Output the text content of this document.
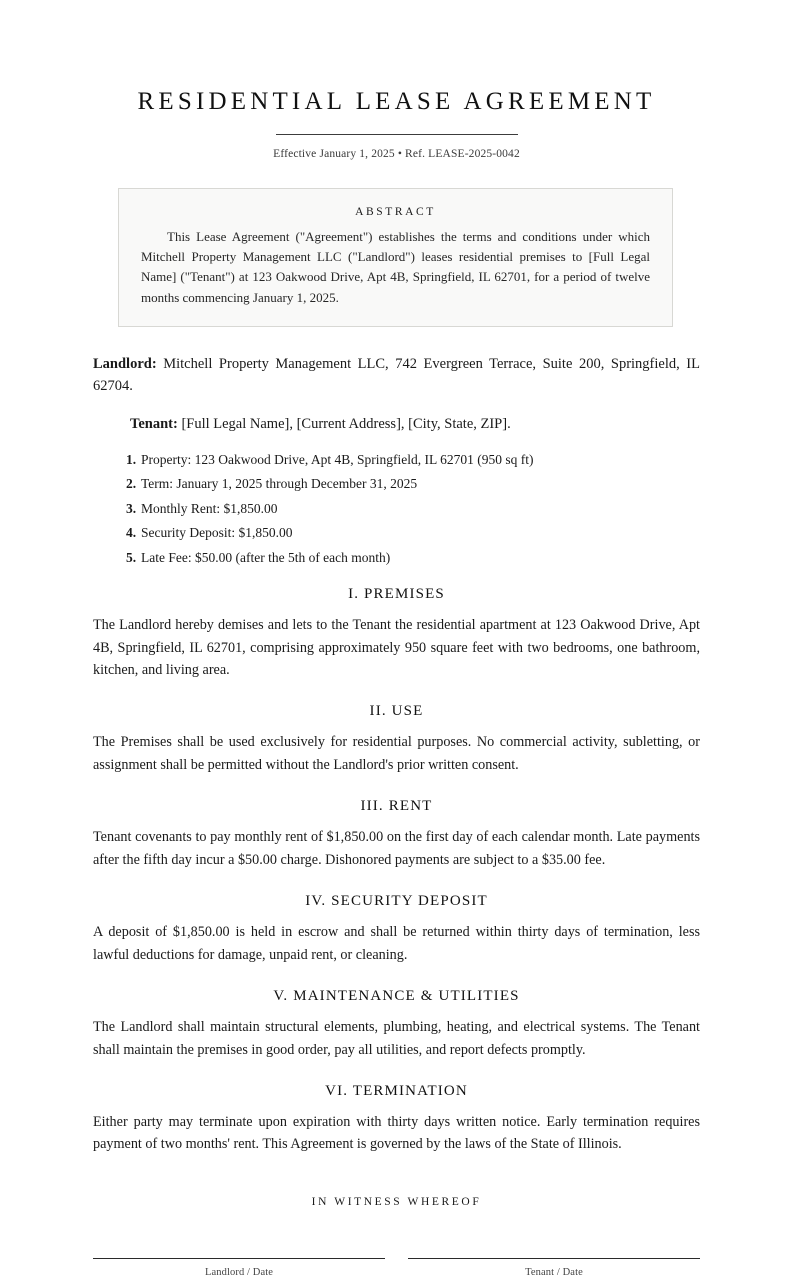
RESIDENTIAL LEASE AGREEMENT
Effective January 1, 2025 • Ref. LEASE-2025-0042
ABSTRACT

This Lease Agreement ("Agreement") establishes the terms and conditions under which Mitchell Property Management LLC ("Landlord") leases residential premises to [Full Legal Name] ("Tenant") at 123 Oakwood Drive, Apt 4B, Springfield, IL 62701, for a period of twelve months commencing January 1, 2025.

Landlord: Mitchell Property Management LLC, 742 Evergreen Terrace, Suite 200, Springfield, IL 62704.

Tenant: [Full Legal Name], [Current Address], [City, State, ZIP].

1. Property: 123 Oakwood Drive, Apt 4B, Springfield, IL 62701 (950 sq ft)
2. Term: January 1, 2025 through December 31, 2025
3. Monthly Rent: $1,850.00
4. Security Deposit: $1,850.00
5. Late Fee: $50.00 (after the 5th of each month)
I. PREMISES

The Landlord hereby demises and lets to the Tenant the residential apartment at 123 Oakwood Drive, Apt 4B, Springfield, IL 62701, comprising approximately 950 square feet with two bedrooms, one bathroom, kitchen, and living area.

II. USE

The Premises shall be used exclusively for residential purposes. No commercial activity, subletting, or assignment shall be permitted without the Landlord's prior written consent.

III. RENT

Tenant covenants to pay monthly rent of $1,850.00 on the first day of each calendar month. Late payments after the fifth day incur a $50.00 charge. Dishonored payments are subject to a $35.00 fee.

IV. SECURITY DEPOSIT

A deposit of $1,850.00 is held in escrow and shall be returned within thirty days of termination, less lawful deductions for damage, unpaid rent, or cleaning.

V. MAINTENANCE & UTILITIES

The Landlord shall maintain structural elements, plumbing, heating, and electrical systems. The Tenant shall maintain the premises in good order, pay all utilities, and report defects promptly.

VI. TERMINATION

Either party may terminate upon expiration with thirty days written notice. Early termination requires payment of two months' rent. This Agreement is governed by the laws of the State of Illinois.

IN WITNESS WHEREOF
Landlord / Date	Tenant / Date
